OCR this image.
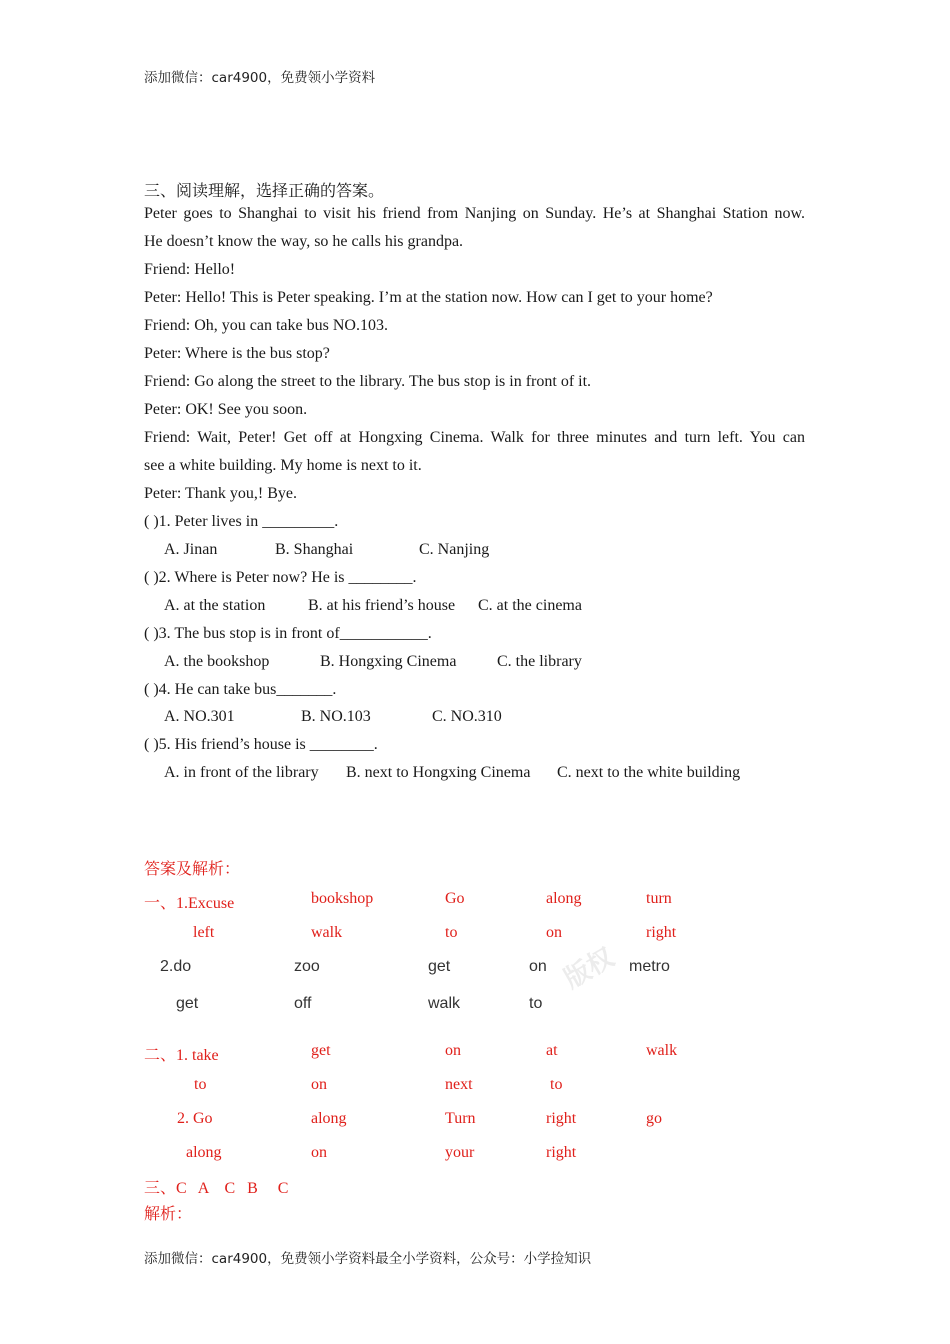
添加微信：car4900，免费领小学资料
三、阅读理解，选择正确的答案。
Peter goes to Shanghai to visit his friend from Nanjing on Sunday. He’s at Shanghai Station now.
He doesn’t know the way, so he calls his grandpa.
Friend: Hello!
Peter: Hello! This is Peter speaking. I’m at the station now. How can I get to your home?
Friend: Oh, you can take bus NO.103.
Peter: Where is the bus stop?
Friend: Go along the street to the library. The bus stop is in front of it.
Peter: OK! See you soon.
Friend: Wait, Peter! Get off at Hongxing Cinema. Walk for three minutes and turn left. You can
see a white building. My home is next to it.
Peter: Thank you,! Bye.
( )1. Peter lives in _________.
A. Jinan	B. Shanghai	C. Nanjing
( )2. Where is Peter now? He is ________.
A. at the station	B. at his friend’s house C. at the cinema
( )3. The bus stop is in front of___________.
A. the bookshop	B. Hongxing Cinema	C. the library
( )4. He can take bus_______.
A. NO.301	B. NO.103	C. NO.310
( )5. His friend’s house is ________.
A. in front of the library B. next to Hongxing Cinema C. next to the white building
答案及解析：
一、1.Excuse	bookshop	Go	along	turn
left	walk	to	on	right
版权
2.do	zoo	get	on	metro
get	off	walk	to
二、1. take	get	on	at	walk
to	on	next	to
2. Go	along	Turn	right	go
along	on	your	right
三、C   A    C   B     C
解析：
添加微信：car4900，免费领小学资料最全小学资料，公众号：小学捡知识
